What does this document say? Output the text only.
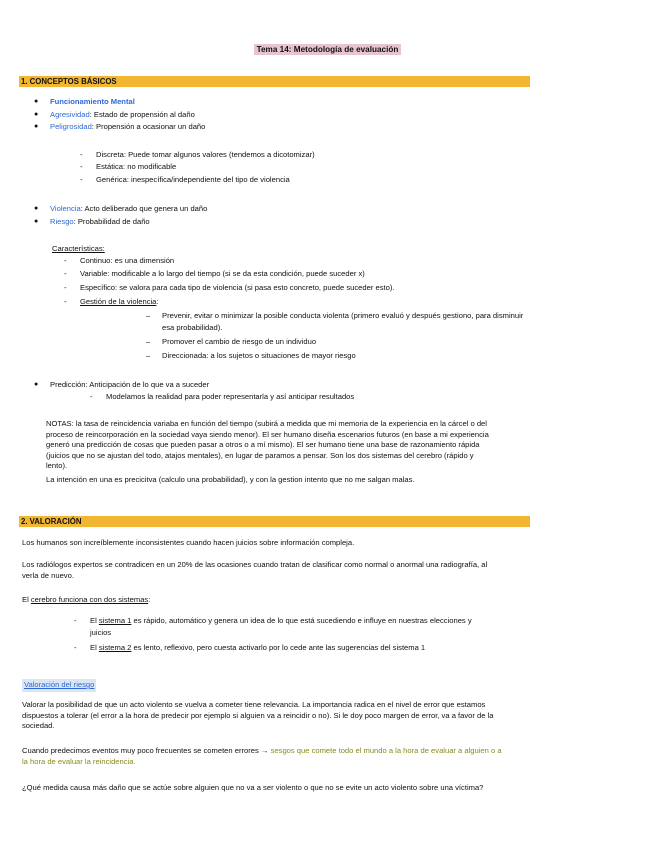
Tema 14: Metodología de evaluación
1. CONCEPTOS BÁSICOS
●	Funcionamiento Mental
●	Agresividad : Estado de propensión al daño
●	Peligrosidad : Propensión a ocasionar un daño
- Discreta: Puede tomar algunos valores (tendemos a dicotomizar)
- Estática: no modificable
- Genérica: inespecífica/independiente del tipo de violencia
●	Violencia : Acto deliberado que genera un daño
●	Riesgo : Probabilidad de daño
Características:
- Continuo: es una dimensión
- Variable: modificable a lo largo del tiempo (si se da esta condición, puede suceder x)
- Específico: se valora para cada tipo de violencia (si pasa esto concreto, puede suceder esto).
- Gestión de la violencia:
– Prevenir, evitar o minimizar la posible conducta violenta (primero evaluó y después gestiono, para disminuir
esa probabilidad).
– Promover el cambio de riesgo de un individuo
– Direccionada: a los sujetos o situaciones de mayor riesgo
●	Predicción: Anticipación de lo que va a suceder
- Modelamos la realidad para poder representarla y así anticipar resultados
NOTAS: la tasa de reincidencia variaba en función del tiempo (subirá a medida que mi memoria de la experiencia en la cárcel o del
proceso de reincorporación en la sociedad vaya siendo menor). El ser humano diseña escenarios futuros (en base a mi experiencia
generó una predicción de cosas que pueden pasar a otros o a mí mismo). El ser humano tiene una base de razonamiento rápida
(juicios que no se ajustan del todo, atajos mentales), en lugar de paramos a pensar. Son los dos sistemas del cerebro (rápido y
lento).
La intención en una es precicitva (calculo una probabilidad), y con la gestion intento que no me salgan malas.
2. VALORACIÓN
Los humanos son increíblemente inconsistentes cuando hacen juicios sobre información compleja.
Los radiólogos expertos se contradicen en un 20% de las ocasiones cuando tratan de clasificar como normal o anormal una radiografía, al
verla de nuevo.
El cerebro funciona con dos sistemas:
- El sistema 1 es rápido, automático y genera un idea de lo que está sucediendo e influye en nuestras elecciones y
juicios
- El sistema 2 es lento, reflexivo, pero cuesta activarlo por lo cede ante las sugerencias del sistema 1
Valoración del riesgo
Valorar la posibilidad de que un acto violento se vuelva a cometer tiene relevancia. La importancia radica en el nivel de error que estamos
dispuestos a tolerar (el error a la hora de predecir por ejemplo si alguien va a reincidir o no). Si le doy poco margen de error, va a favor de la
sociedad.
Cuando predecimos eventos muy poco frecuentes se cometen errores → sesgos que comete todo el mundo a la hora de evaluar a alguien o a
la hora de evaluar la reincidencia.
¿Qué medida causa más daño que se actúe sobre alguien que no va a ser violento o que no se evite un acto violento sobre una víctima?
